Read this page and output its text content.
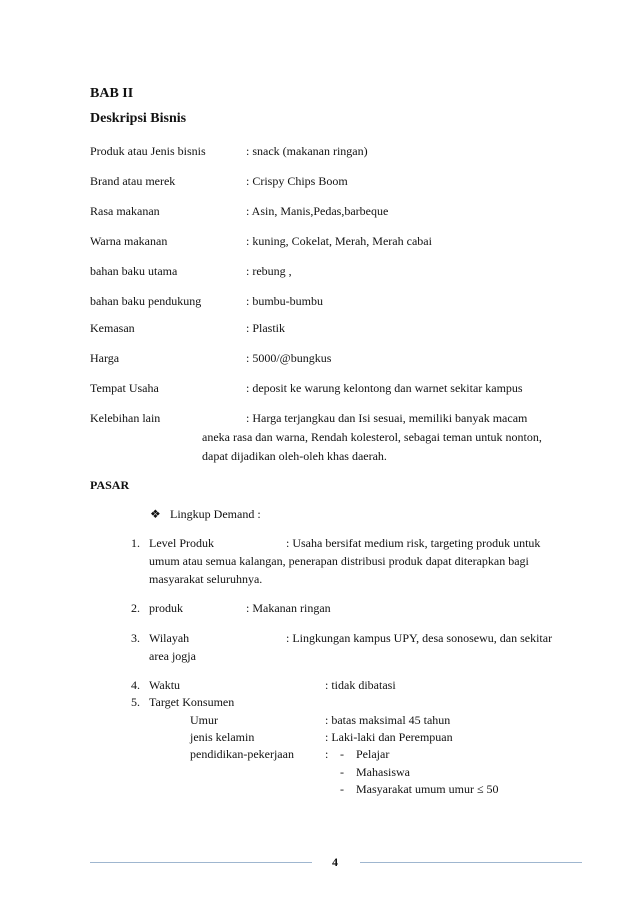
BAB II
Deskripsi Bisnis
Produk atau Jenis bisnis	: snack (makanan ringan)
Brand atau merek	: Crispy Chips Boom
Rasa makanan	: Asin, Manis,Pedas,barbeque
Warna makanan	: kuning, Cokelat, Merah, Merah cabai
bahan baku utama	: rebung ,
bahan baku pendukung	: bumbu-bumbu
Kemasan	: Plastik
Harga	: 5000/@bungkus
Tempat Usaha	: deposit ke warung kelontong dan warnet sekitar kampus
Kelebihan lain	: Harga terjangkau dan Isi sesuai, memiliki banyak macam
aneka rasa dan warna, Rendah kolesterol, sebagai teman untuk nonton,
dapat dijadikan oleh-oleh khas daerah.
PASAR
❖ Lingkup Demand :
1. Level Produk	: Usaha bersifat medium risk, targeting produk untuk
umum atau semua kalangan, penerapan distribusi produk dapat diterapkan bagi
masyarakat seluruhnya.
2. produk	: Makanan ringan
3. Wilayah	: Lingkungan kampus UPY, desa sonosewu, dan sekitar
area jogja
4. Waktu	: tidak dibatasi
5. Target Konsumen
Umur	: batas maksimal 45 tahun
jenis kelamin	: Laki-laki dan Perempuan
pendidikan-pekerjaan	: - Pelajar
- Mahasiswa
- Masyarakat umum umur ≤ 50
4
